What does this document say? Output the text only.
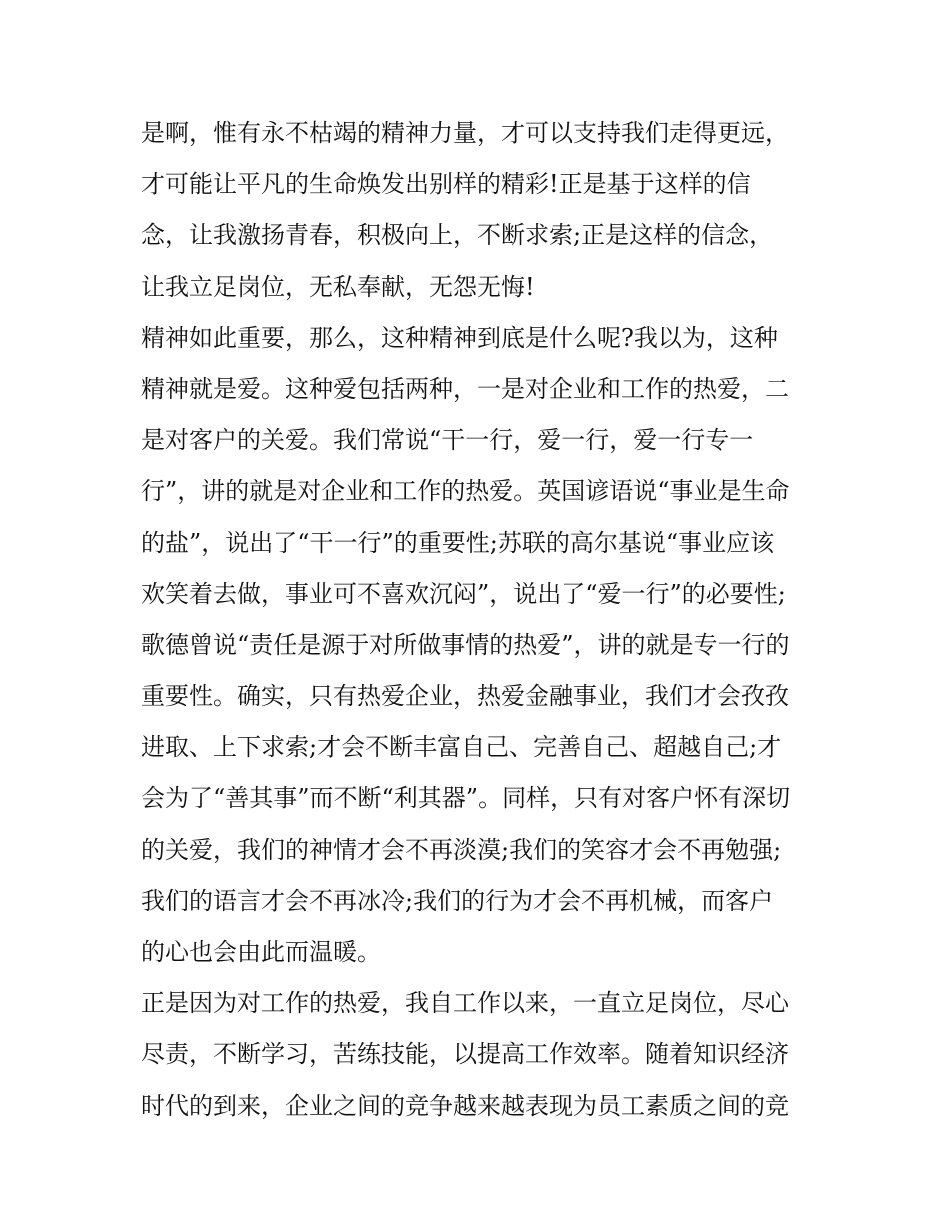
是啊，惟有永不枯竭的精神力量，才可以支持我们走得更远，
才可能让平凡的生命焕发出别样的精彩!正是基于这样的信
念，让我激扬青春，积极向上，不断求索;正是这样的信念，
让我立足岗位，无私奉献，无怨无悔!
精神如此重要，那么，这种精神到底是什么呢?我以为，这种
精神就是爱。这种爱包括两种，一是对企业和工作的热爱，二
是对客户的关爱。我们常说“干一行，爱一行，爱一行专一
行”，讲的就是对企业和工作的热爱。英国谚语说“事业是生命
的盐”，说出了“干一行”的重要性;苏联的高尔基说“事业应该
欢笑着去做，事业可不喜欢沉闷”，说出了“爱一行”的必要性;
歌德曾说“责任是源于对所做事情的热爱”，讲的就是专一行的
重要性。确实，只有热爱企业，热爱金融事业，我们才会孜孜
进取、上下求索;才会不断丰富自己、完善自己、超越自己;才
会为了“善其事”而不断“利其器”。同样，只有对客户怀有深切
的关爱，我们的神情才会不再淡漠;我们的笑容才会不再勉强;
我们的语言才会不再冰冷;我们的行为才会不再机械，而客户
的心也会由此而温暖。
正是因为对工作的热爱，我自工作以来，一直立足岗位，尽心
尽责，不断学习，苦练技能，以提高工作效率。随着知识经济
时代的到来，企业之间的竞争越来越表现为员工素质之间的竞
